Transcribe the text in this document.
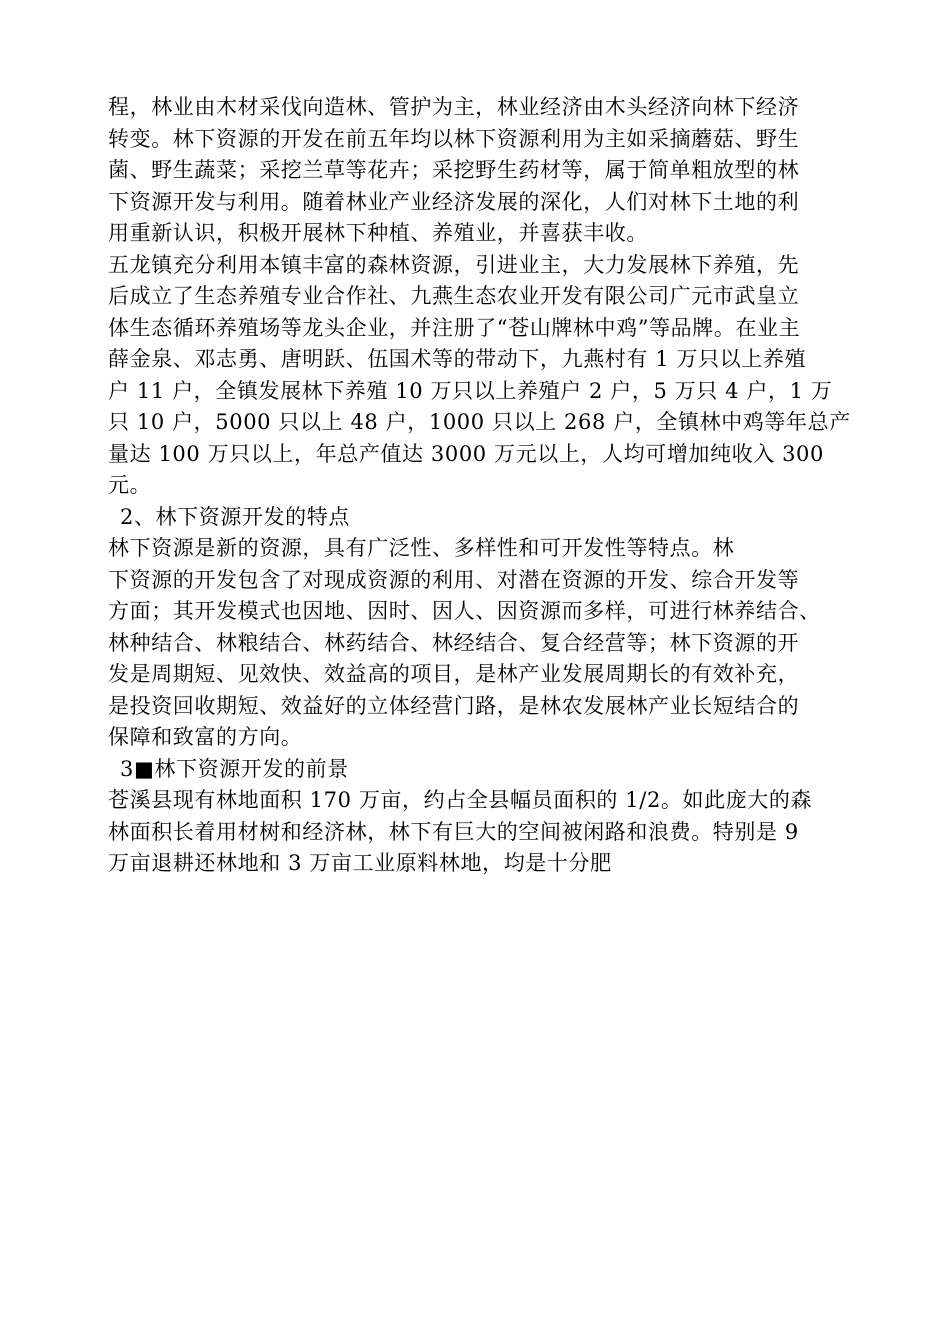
程，林业由木材采伐向造林、管护为主，林业经济由木头经济向林下经济
转变。林下资源的开发在前五年均以林下资源利用为主如采摘蘑菇、野生
菌、野生蔬菜；采挖兰草等花卉；采挖野生药材等，属于简单粗放型的林
下资源开发与利用。随着林业产业经济发展的深化，人们对林下土地的利
用重新认识，积极开展林下种植、养殖业，并喜获丰收。
五龙镇充分利用本镇丰富的森林资源，引进业主，大力发展林下养殖，先
后成立了生态养殖专业合作社、九燕生态农业开发有限公司广元市武皇立
体生态循环养殖场等龙头企业，并注册了“苍山牌林中鸡”等品牌。在业主
薛金泉、邓志勇、唐明跃、伍国术等的带动下，九燕村有 1 万只以上养殖
户 11 户，全镇发展林下养殖 10 万只以上养殖户 2 户，5 万只 4 户，1 万
只 10 户，5000 只以上 48 户，1000 只以上 268 户，全镇林中鸡等年总产
量达 100 万只以上，年总产值达 3000 万元以上，人均可增加纯收入 300
元。
2、林下资源开发的特点
林下资源是新的资源，具有广泛性、多样性和可开发性等特点。林
下资源的开发包含了对现成资源的利用、对潜在资源的开发、综合开发等
方面；其开发模式也因地、因时、因人、因资源而多样，可进行林养结合、
林种结合、林粮结合、林药结合、林经结合、复合经营等；林下资源的开
发是周期短、见效快、效益高的项目，是林产业发展周期长的有效补充，
是投资回收期短、效益好的立体经营门路，是林农发展林产业长短结合的
保障和致富的方向。
3■林下资源开发的前景
苍溪县现有林地面积 170 万亩，约占全县幅员面积的 1/2。如此庞大的森
林面积长着用材树和经济林，林下有巨大的空间被闲路和浪费。特别是 9
万亩退耕还林地和 3 万亩工业原料林地，均是十分肥
